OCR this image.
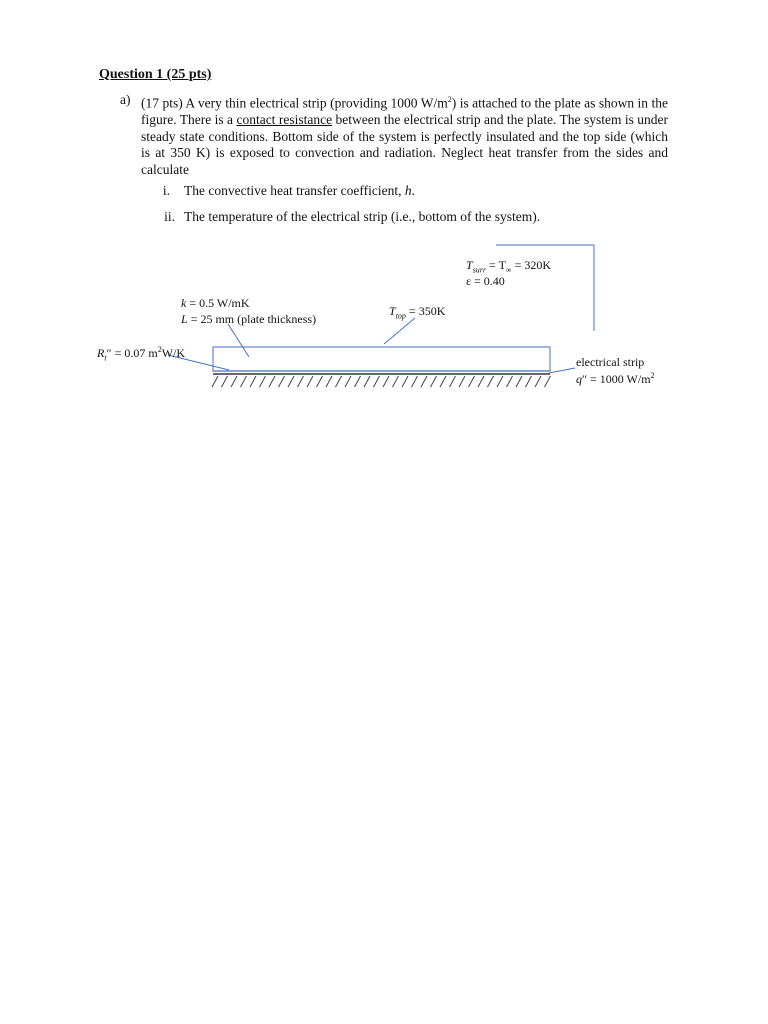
Question 1 (25 pts)
a) (17 pts) A very thin electrical strip (providing 1000 $W/m^2$) is attached to the plate as shown in the figure. There is a contact resistance between the electrical strip and the plate. The system is under steady state conditions. Bottom side of the system is perfectly insulated and the top side (which is at 350 K) is exposed to convection and radiation. Neglect heat transfer from the sides and calculate
i. The convective heat transfer coefficient, h.
ii. The temperature of the electrical strip (i.e., bottom of the system).
$T_{surr} = T_\infty = 320K$
ε = 0.40
k = 0.5 W/mK
L = 25 mm (plate thickness)
$T_{top} = 350K$
$R_t'' = 0.07$ $m^2W/K$
electrical strip
q″ = 1000 $W/m^2$
